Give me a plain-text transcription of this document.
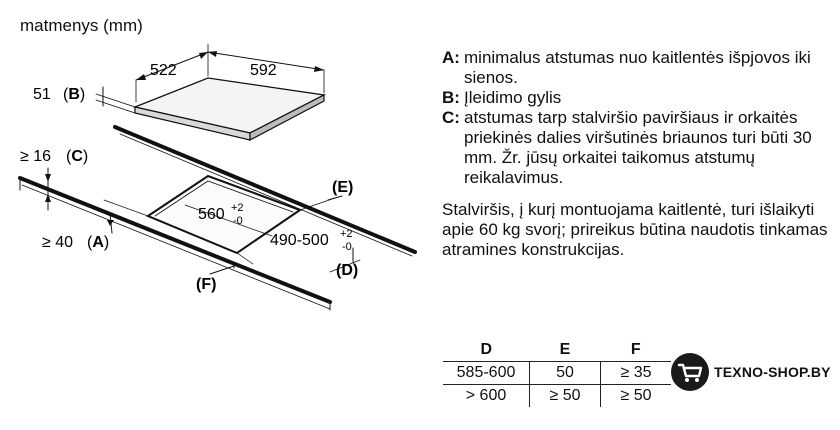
522	592
51 (B)
≥ 16 (C)
≥ 40 (A)
560 +2
-0
490-500 +2
-0
(E)
(D)
(F)
matmenys (mm)
A: minimalus atstumas nuo kaitlentės išpjovos iki sienos.
B: Įleidimo gylis
C: atstumas tarp stalviršio paviršiaus ir orkaitės priekinės dalies viršutinės briaunos turi būti 30 mm. Žr. jūsų orkaitei taikomus atstumų reikalavimus.
Stalviršis, į kurį montuojama kaitlentė, turi išlaikyti apie 60 kg svorį; prireikus būtina naudotis tinkamas atramines konstrukcijas.
D	E	F
585-600	50	≥ 35
> 600	≥ 50	≥ 50
TEXNO-SHOP.BY
